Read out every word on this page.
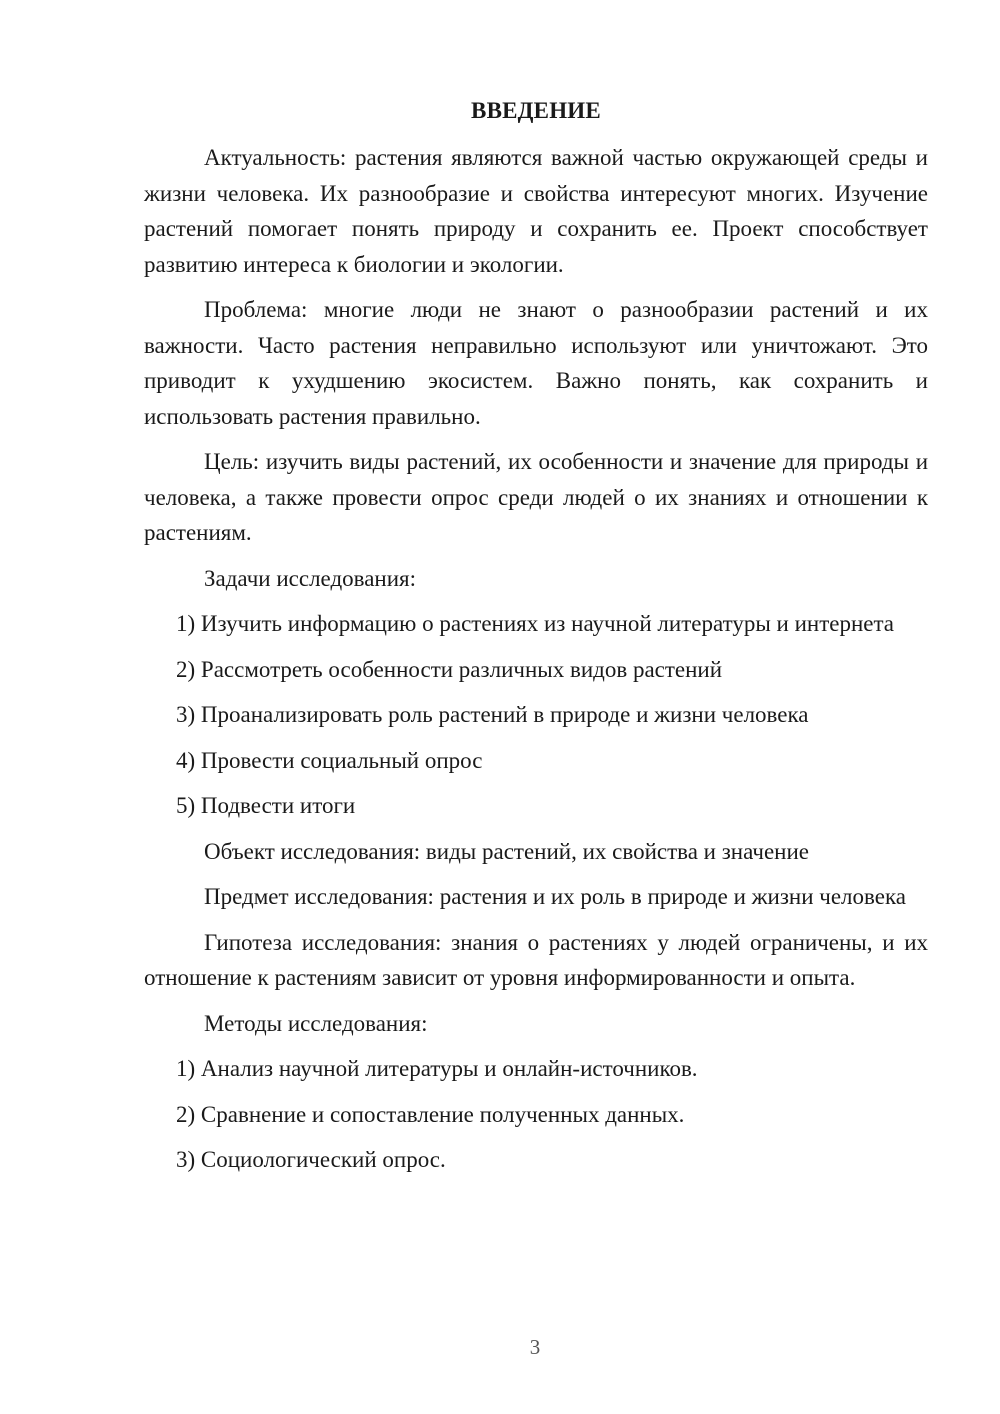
ВВЕДЕНИЕ

Актуальность: растения являются важной частью окружающей среды и жизни человека. Их разнообразие и свойства интересуют многих. Изучение растений помогает понять природу и сохранить ее. Проект способствует развитию интереса к биологии и экологии.

Проблема: многие люди не знают о разнообразии растений и их важности. Часто растения неправильно используют или уничтожают. Это приводит к ухудшению экосистем. Важно понять, как сохранить и использовать растения правильно.

Цель: изучить виды растений, их особенности и значение для природы и человека, а также провести опрос среди людей о их знаниях и отношении к растениям.

Задачи исследования:

1) Изучить информацию о растениях из научной литературы и интернета

2) Рассмотреть особенности различных видов растений

3) Проанализировать роль растений в природе и жизни человека

4) Провести социальный опрос

5) Подвести итоги

Объект исследования: виды растений, их свойства и значение

Предмет исследования: растения и их роль в природе и жизни человека

Гипотеза исследования: знания о растениях у людей ограничены, и их отношение к растениям зависит от уровня информированности и опыта.

Методы исследования:

1) Анализ научной литературы и онлайн-источников.

2) Сравнение и сопоставление полученных данных.

3) Социологический опрос.

3
